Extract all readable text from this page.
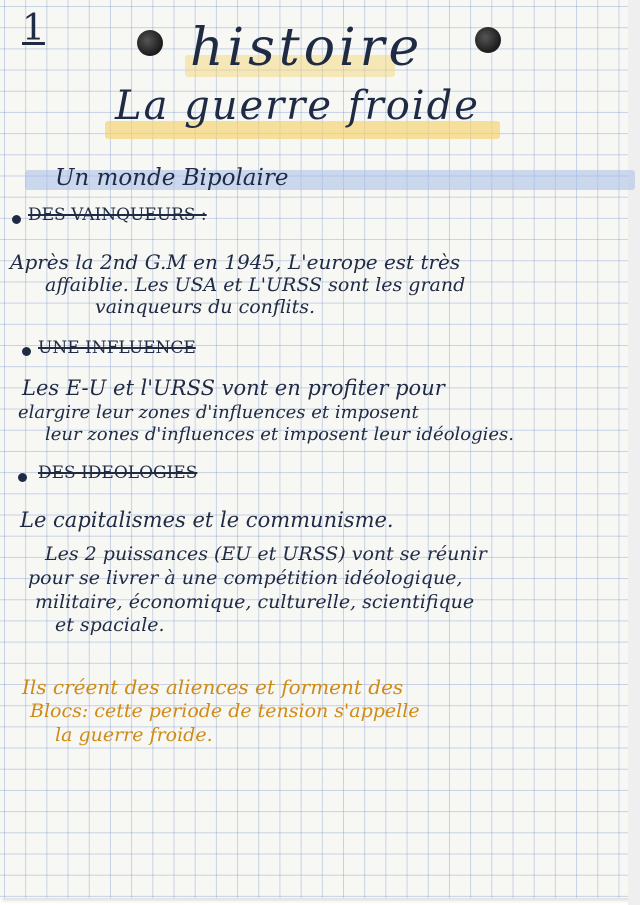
1	histoire
La guerre froide
Un monde Bipolaire
DES VAINQUEURS :
Après la 2nd G.M en 1945, L'europe est très
affaiblie. Les USA et L'URSS sont les grand
vainqueurs du conflits.
UNE INFLUENCE
Les E-U et l'URSS vont en profiter pour
elargire leur zones d'influences et imposent
leur zones d'influences et imposent leur idéologies.
DES IDEOLOGIES
Le capitalismes et le communisme.
Les 2 puissances (EU et URSS) vont se réunir
pour se livrer à une compétition idéologique,
militaire, économique, culturelle, scientifique
et spaciale.
Ils créent des aliences et forment des
Blocs: cette periode de tension s'appelle
la guerre froide.
